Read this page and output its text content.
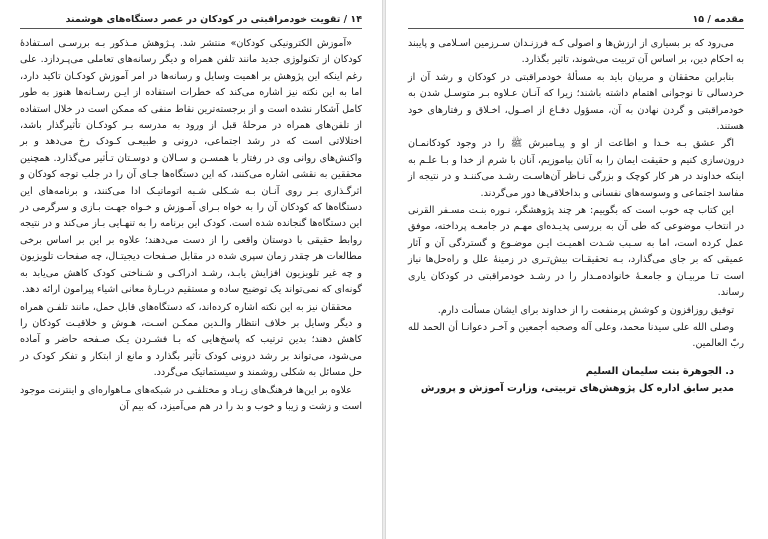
۱۴ / تقویت خودمراقبتی در کودکان در عصر دستگاه‌های هوشمند

«آموزش الکترونیکی کودکان» منتشر شد. پـژوهش مـذکور بـه بررسـی اسـتفادۀ کودکان از تکنولوژی جدید مانند تلفن همراه و دیگر رسانه‌های تعاملی می‌پـردازد. علی رغم اینکه این پژوهش بر اهمیت وسایل و رسانه‌ها در امر آموزش کودکـان تاکید دارد، اما به این نکته نیز اشاره می‌کند که خطرات استفاده از ایـن رسـانه‌ها هنوز به طور کامل آشکار نشده است و از برجسته‌ترین نقاط منفی که ممکن است در خلال استفاده از تلفن‌های همراه در مرحلۀ قبل از ورود به مدرسه بـر کودکـان تأثیرگذار باشد، اختلالاتی است که در رشد اجتماعی، درونی و طبیعـی کـودک رخ می‌دهد و بر واکنش‌های روانی وی در رفتار با همسـن و سـالان و دوسـتان تـأثیر می‌گذارد. همچنین محققین به نقشی اشاره می‌کنند، که این دستگاه‌ها جـای آن را در جلب توجه کودکان و اثرگـذاری بـر روی آنـان بـه شـکلی شـبه اتوماتیـک ادا می‌کنند، و برنامه‌های این دستگاه‌ها که کودکان آن را به خواه بـرای آمـوزش و خـواه جهـت بـازی و سرگرمی در این دستگاه‌ها گنجانده شده است. کودک این برنامه را به تنهـایی بـاز می‌کند و در نتیجه روابط حقیقی با دوستان واقعی را از دست می‌دهند؛ علاوه بر این بر اساس برخی مطالعات هر چقدر زمان سپری شده در مقابل صـفحات دیجیتـال، چه صفحات تلویزیون و چه غیر تلویزیون افزایش یابـد، رشـد ادراکـی و شـناختی کودک کاهش می‌یابد به گونه‌ای که نمی‌تواند یک توضیح ساده و مستقیم دربـارۀ معانی اشیاء پیرامون ارائه دهد.

محققان نیز به این نکته اشاره کرده‌اند، که دستگاه‌های قابل حمل، مانند تلفـن همراه و دیگر وسایل بر خلاف انتظار والـدین ممکـن اسـت، هـوش و خلاقیـت کودکان را کاهش دهند؛ بدین ترتیب که پاسخ‌هایی که بـا فشـردن یـک صـفحه حاضر و آماده می‌شود، می‌تواند بر رشد درونی کودک تأثیر بگذارد و مانع از ابتکار و تفکر کودک در حل مسائل به شکلی روشمند و سیستماتیک می‌گردد.

علاوه بر این‌ها فرهنگ‌های زیـاد و مختلفـی در شبکه‌های مـاهواره‌ای و اینترنت موجود است و زشت و زیبا و خوب و بد را در هم می‌آمیزد، که بیم آن

مقدمه / ۱۵

می‌رود که بر بسیاری از ارزش‌ها و اصولی کـه فرزنـدان سـرزمین اسـلامی و پایبند به احکام دین، بر اساس آن تربیت می‌شوند، تاثیر بگذارد.

بنابراین محققان و مربیان باید به مسألۀ خودمراقبتی در کودکان و رشد آن از خردسالی تا نوجوانی اهتمام داشته باشند؛ زیرا که آنـان عـلاوه بـر متوسـل شدن به خودمراقبتی و گردن نهادن به آن، مسؤول دفـاع از اصـول، اخـلاق و رفتارهای خود هستند.

اگر عشق بـه خـدا و اطاعت از او و پیـامبرش ﷺ را در وجود کودکانمـان درون‌سازی کنیم و حقیقت ایمان را به آنان بیاموزیم، آنان با شرم از خدا و بـا علـم به اینکه خداوند در هر کار کوچک و بزرگی نـاظر آن‌هاسـت رشـد می‌کننـد و در نتیجه از مفاسد اجتماعی و وسوسه‌های نفسانی و بداخلاقی‌ها دور می‌گردند.

این کتاب چه خوب است که بگوییم: هر چند پژوهشگر، نـوره بنـت مسـفر القرنی در انتخاب موضوعی که طی آن به بررسی پدیـده‌ای مهـم در جامعـه پرداخته، موفق عمل کرده است، اما به سـبب شـدت اهمیـت ایـن موضـوع و گستردگی آن و آثار عمیقی که بر جای می‌گذارد، بـه تحقیقـات بیش‌تـری در زمینۀ علل و راه‌حل‌ها نیاز است تـا مربیـان و جامعـۀ خانواده‌مـدار را در رشـد خودمراقبتی در کودکان یاری رساند.

توفیق روزافزون و کوشش پرمنفعت را از خداوند برای ایشان مسألت دارم.

وصلی الله علی سیدنا محمد، وعلی آله وصحبه أجمعین و آخـر دعوانـا أن الحمد لله ربّ العالمین.

د. الجوهرة بنت سلیمان السلیم
مدیر سابق اداره کل پژوهش‌های تربیتی، وزارت آموزش و پرورش
